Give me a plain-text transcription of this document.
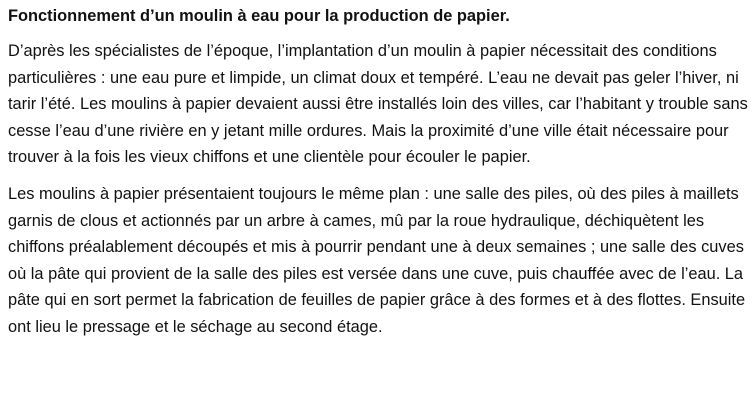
Fonctionnement d’un moulin à eau pour la production de papier.

D’après les spécialistes de l’époque, l’implantation d’un moulin à papier nécessitait des conditions particulières : une eau pure et limpide, un climat doux et tempéré. L’eau ne devait pas geler l’hiver, ni tarir l’été. Les moulins à papier devaient aussi être installés loin des villes, car l’habitant y trouble sans cesse l’eau d’une rivière en y jetant mille ordures. Mais la proximité d’une ville était nécessaire pour trouver à la fois les vieux chiffons et une clientèle pour écouler le papier.

Les moulins à papier présentaient toujours le même plan : une salle des piles, où des piles à maillets garnis de clous et actionnés par un arbre à cames, mû par la roue hydraulique, déchiquètent les chiffons préalablement découpés et mis à pourrir pendant une à deux semaines ; une salle des cuves où la pâte qui provient de la salle des piles est versée dans une cuve, puis chauffée avec de l’eau. La pâte qui en sort permet la fabrication de feuilles de papier grâce à des formes et à des flottes. Ensuite ont lieu le pressage et le séchage au second étage.
